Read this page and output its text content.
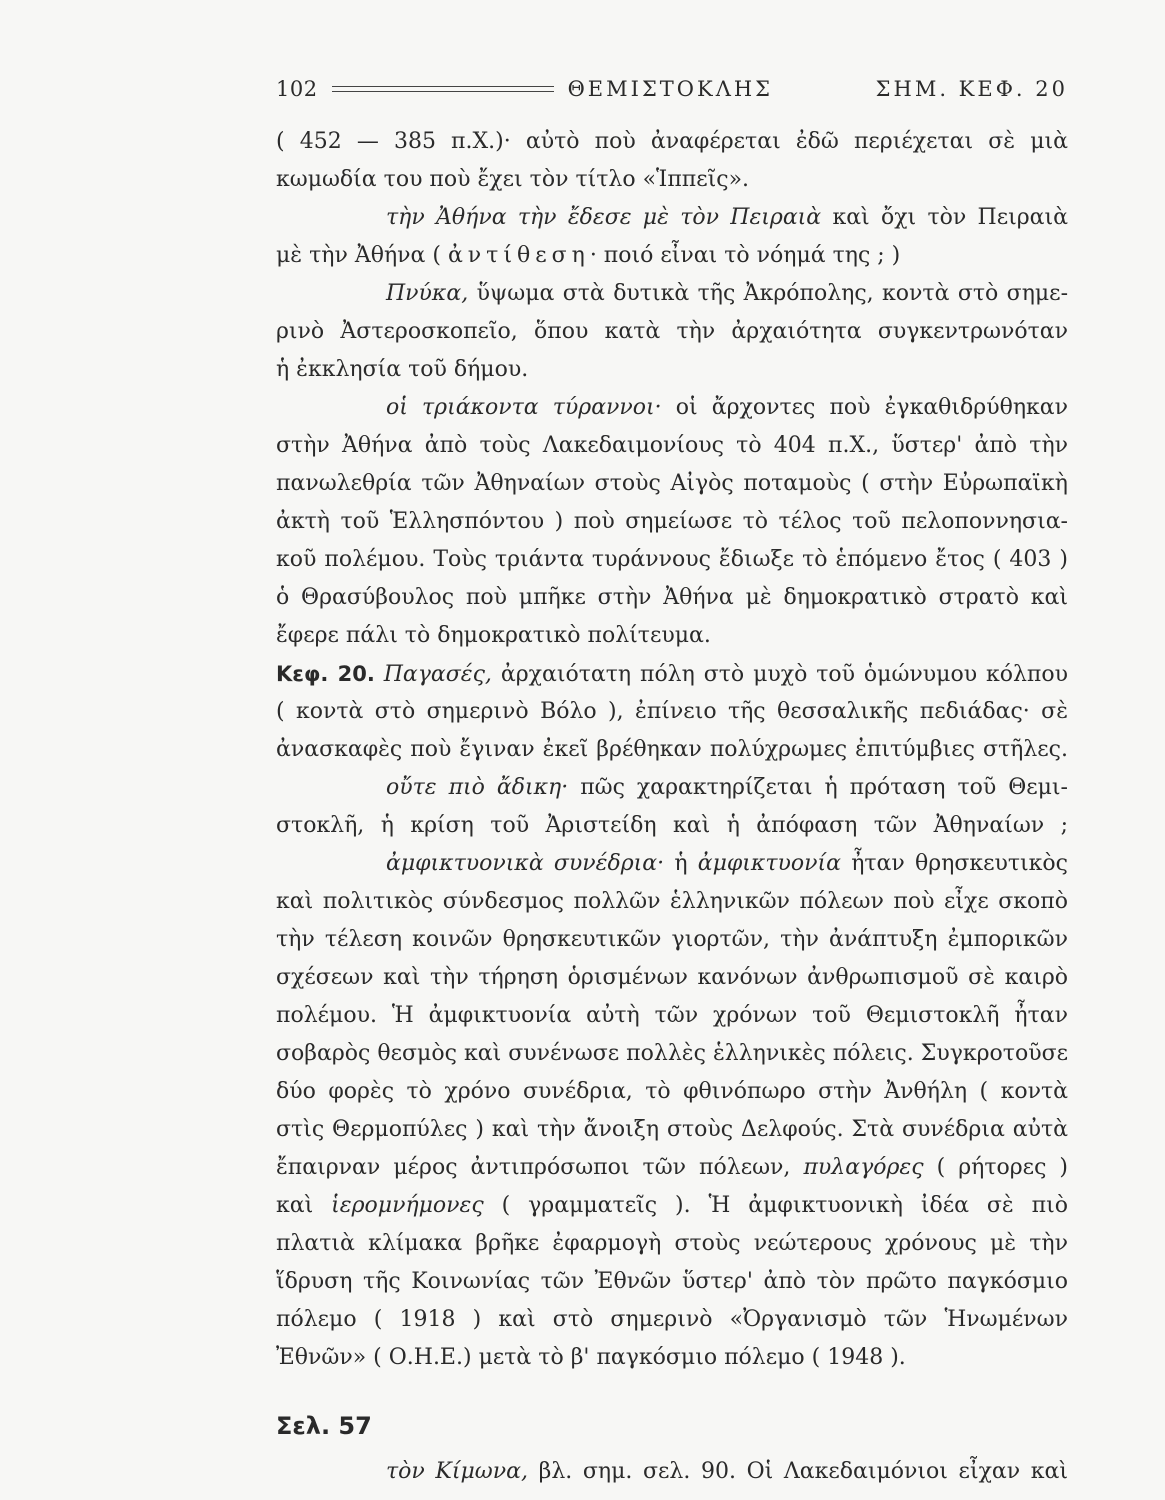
102	ΘΕΜΙΣΤΟΚΛΗΣ	ΣΗΜ. ΚΕΦ. 20
( 452 — 385 π.Χ.)· αὐτὸ ποὺ ἀναφέρεται ἐδῶ περιέχεται σὲ μιὰ
κωμωδία του ποὺ ἔχει τὸν τίτλο «Ἱππεῖς».
τὴν Ἀθήνα τὴν ἔδεσε μὲ τὸν Πειραιὰ καὶ ὄχι τὸν Πειραιὰ
μὲ τὴν Ἀθήνα ( ἀντίθεση· ποιό εἶναι τὸ νόημά της ; )
Πνύκα, ὕψωμα στὰ δυτικὰ τῆς Ἀκρόπολης, κοντὰ στὸ σημε-
ρινὸ Ἀστεροσκοπεῖο, ὅπου κατὰ τὴν ἀρχαιότητα συγκεντρωνόταν
ἡ ἐκκλησία τοῦ δήμου.
οἱ τριάκοντα τύραννοι· οἱ ἄρχοντες ποὺ ἐγκαθιδρύθηκαν
στὴν Ἀθήνα ἀπὸ τοὺς Λακεδαιμονίους τὸ 404 π.Χ., ὕστερ' ἀπὸ τὴν
πανωλεθρία τῶν Ἀθηναίων στοὺς Αἰγὸς ποταμοὺς ( στὴν Εὐρωπαϊκὴ
ἀκτὴ τοῦ Ἑλλησπόντου ) ποὺ σημείωσε τὸ τέλος τοῦ πελοποννησια-
κοῦ πολέμου. Τοὺς τριάντα τυράννους ἔδιωξε τὸ ἑπόμενο ἔτος ( 403 )
ὁ Θρασύβουλος ποὺ μπῆκε στὴν Ἀθήνα μὲ δημοκρατικὸ στρατὸ καὶ
ἔφερε πάλι τὸ δημοκρατικὸ πολίτευμα.
Κεφ. 20. Παγασές, ἀρχαιότατη πόλη στὸ μυχὸ τοῦ ὁμώνυμου κόλπου
( κοντὰ στὸ σημερινὸ Βόλο ), ἐπίνειο τῆς θεσσαλικῆς πεδιάδας· σὲ
ἀνασκαφὲς ποὺ ἔγιναν ἐκεῖ βρέθηκαν πολύχρωμες ἐπιτύμβιες στῆλες.
οὔτε πιὸ ἄδικη· πῶς χαρακτηρίζεται ἡ πρόταση τοῦ Θεμι-
στοκλῆ, ἡ κρίση τοῦ Ἀριστείδη καὶ ἡ ἀπόφαση τῶν Ἀθηναίων ;
ἀμφικτυονικὰ συνέδρια· ἡ ἀμφικτυονία ἦταν θρησκευτικὸς
καὶ πολιτικὸς σύνδεσμος πολλῶν ἑλληνικῶν πόλεων ποὺ εἶχε σκοπὸ
τὴν τέλεση κοινῶν θρησκευτικῶν γιορτῶν, τὴν ἀνάπτυξη ἐμπορικῶν
σχέσεων καὶ τὴν τήρηση ὁρισμένων κανόνων ἀνθρωπισμοῦ σὲ καιρὸ
πολέμου. Ἡ ἀμφικτυονία αὐτὴ τῶν χρόνων τοῦ Θεμιστοκλῆ ἦταν
σοβαρὸς θεσμὸς καὶ συνένωσε πολλὲς ἑλληνικὲς πόλεις. Συγκροτοῦσε
δύο φορὲς τὸ χρόνο συνέδρια, τὸ φθινόπωρο στὴν Ἀνθήλη ( κοντὰ
στὶς Θερμοπύλες ) καὶ τὴν ἄνοιξη στοὺς Δελφούς. Στὰ συνέδρια αὐτὰ
ἔπαιρναν μέρος ἀντιπρόσωποι τῶν πόλεων, πυλαγόρες ( ρήτορες )
καὶ ἱερομνήμονες ( γραμματεῖς ). Ἡ ἀμφικτυονικὴ ἰδέα σὲ πιὸ
πλατιὰ κλίμακα βρῆκε ἐφαρμογὴ στοὺς νεώτερους χρόνους μὲ τὴν
ἵδρυση τῆς Κοινωνίας τῶν Ἐθνῶν ὕστερ' ἀπὸ τὸν πρῶτο παγκόσμιο
πόλεμο ( 1918 ) καὶ στὸ σημερινὸ «Ὀργανισμὸ τῶν Ἡνωμένων
Ἐθνῶν» ( Ο.Η.Ε.) μετὰ τὸ β' παγκόσμιο πόλεμο ( 1948 ).
Σελ. 57
τὸν Κίμωνα, βλ. σημ. σελ. 90. Οἱ Λακεδαιμόνιοι εἶχαν καὶ
